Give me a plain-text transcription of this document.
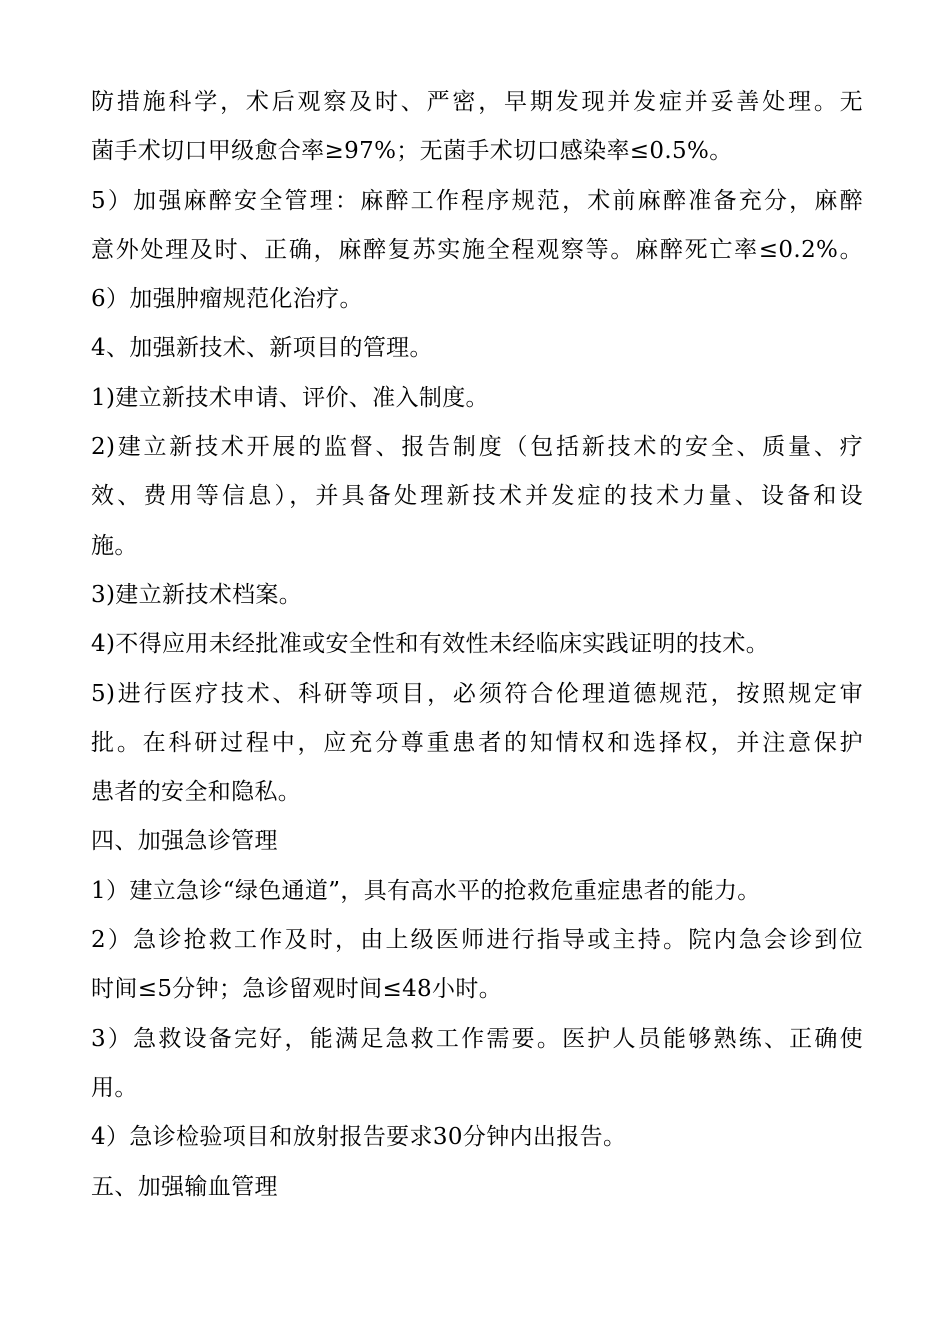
防措施科学，术后观察及时、严密，早期发现并发症并妥善处理。无
菌手术切口甲级愈合率≥97%；无菌手术切口感染率≤0.5%。
5）加强麻醉安全管理：麻醉工作程序规范，术前麻醉准备充分，麻醉
意外处理及时、正确，麻醉复苏实施全程观察等。麻醉死亡率≤0.2%。
6）加强肿瘤规范化治疗。
4、加强新技术、新项目的管理。
1)建立新技术申请、评价、准入制度。
2)建立新技术开展的监督、报告制度（包括新技术的安全、质量、疗
效、费用等信息），并具备处理新技术并发症的技术力量、设备和设
施。
3)建立新技术档案。
4)不得应用未经批准或安全性和有效性未经临床实践证明的技术。
5)进行医疗技术、科研等项目，必须符合伦理道德规范，按照规定审
批。在科研过程中，应充分尊重患者的知情权和选择权，并注意保护
患者的安全和隐私。
四、加强急诊管理
1）建立急诊“绿色通道”，具有高水平的抢救危重症患者的能力。
2）急诊抢救工作及时，由上级医师进行指导或主持。院内急会诊到位
时间≤5分钟；急诊留观时间≤48小时。
3）急救设备完好，能满足急救工作需要。医护人员能够熟练、正确使
用。
4）急诊检验项目和放射报告要求30分钟内出报告。
五、加强输血管理
